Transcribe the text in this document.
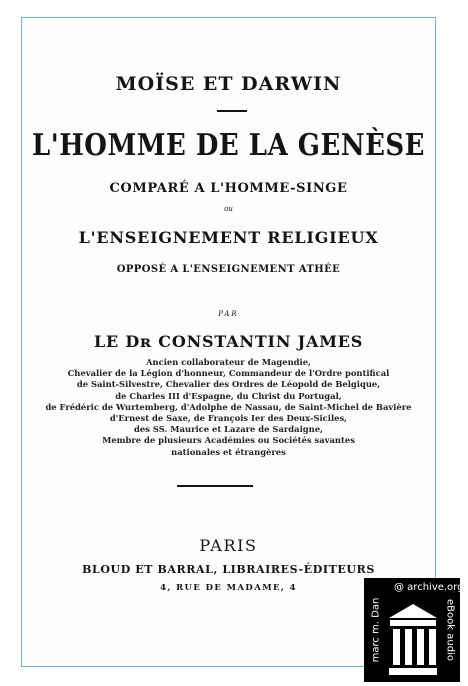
MOÏSE ET DARWIN
L'HOMME DE LA GENÈSE
COMPARÉ A L'HOMME-SINGE
ou
L'ENSEIGNEMENT RELIGIEUX
OPPOSÉ A L'ENSEIGNEMENT ATHÉE
PAR
LE Dʀ CONSTANTIN JAMES
Ancien collaborateur de Magendie,
Chevalier de la Légion d'honneur, Commandeur de l'Ordre pontifical
de Saint-Silvestre, Chevalier des Ordres de Léopold de Belgique,
de Charles III d'Espagne, du Christ du Portugal,
de Frédéric de Wurtemberg, d'Adolphe de Nassau, de Saint-Michel de Bavière
d'Ernest de Saxe, de François Ier des Deux-Siciles,
des SS. Maurice et Lazare de Sardaigne,
Membre de plusieurs Académies ou Sociétés savantes
nationales et étrangères
PARIS
BLOUD ET BARRAL, LIBRAIRES-ÉDITEURS
4, RUE DE MADAME, 4
marc m. Dan
@ archive.org
eBook audio
